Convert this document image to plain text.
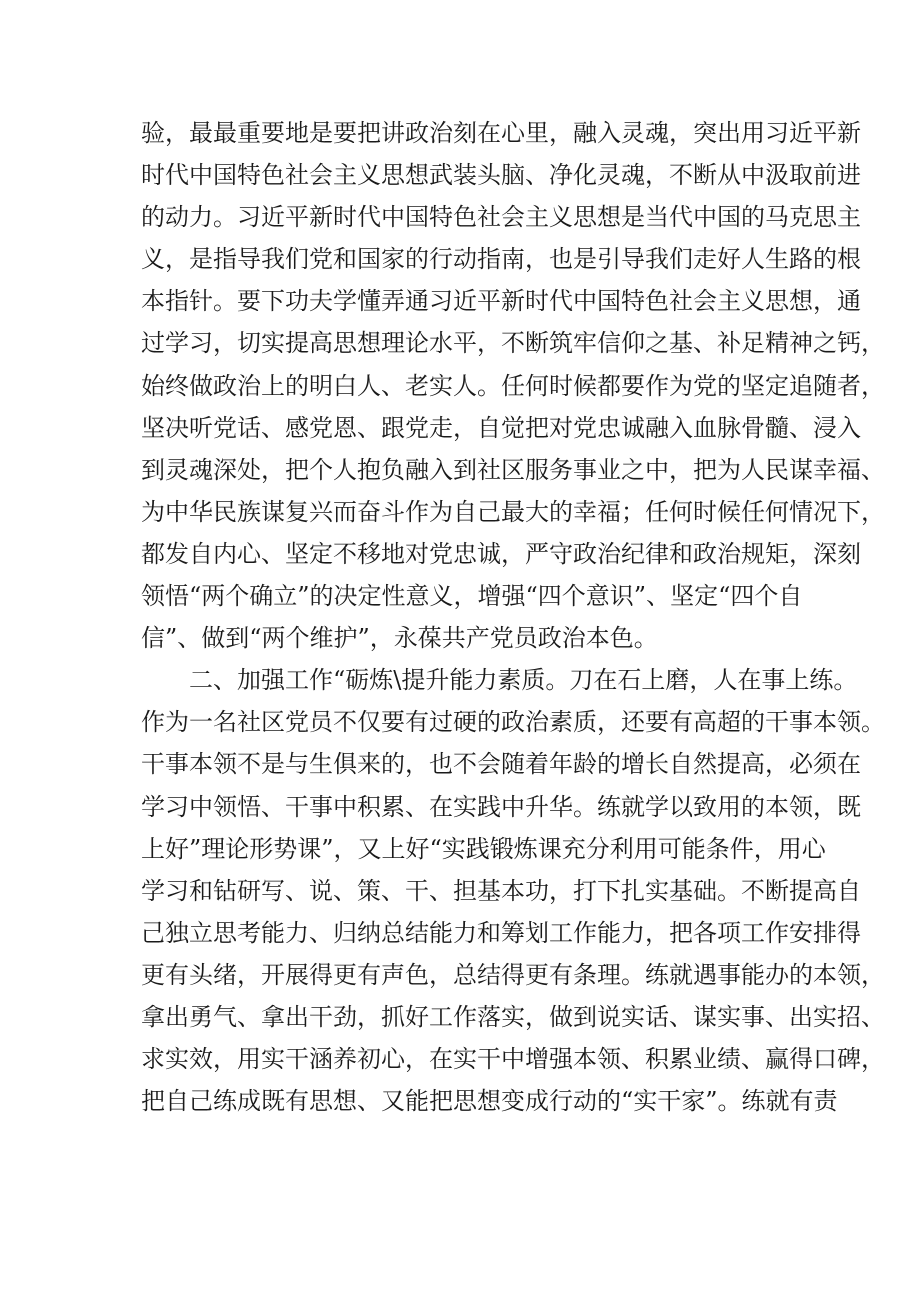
验，最最重要地是要把讲政治刻在心里，融入灵魂，突出用习近平新
时代中国特色社会主义思想武装头脑、净化灵魂，不断从中汲取前进
的动力。习近平新时代中国特色社会主义思想是当代中国的马克思主
义，是指导我们党和国家的行动指南，也是引导我们走好人生路的根
本指针。要下功夫学懂弄通习近平新时代中国特色社会主义思想，通
过学习，切实提高思想理论水平，不断筑牢信仰之基、补足精神之钙，
始终做政治上的明白人、老实人。任何时候都要作为党的坚定追随者，
坚决听党话、感党恩、跟党走，自觉把对党忠诚融入血脉骨髓、浸入
到灵魂深处，把个人抱负融入到社区服务事业之中，把为人民谋幸福、
为中华民族谋复兴而奋斗作为自己最大的幸福；任何时候任何情况下，
都发自内心、坚定不移地对党忠诚，严守政治纪律和政治规矩，深刻
领悟“两个确立”的决定性意义，增强“四个意识”、坚定“四个自
信”、做到“两个维护”，永葆共产党员政治本色。
二、加强工作“砺炼\提升能力素质。刀在石上磨，人在事上练。
作为一名社区党员不仅要有过硬的政治素质，还要有高超的干事本领。
干事本领不是与生俱来的，也不会随着年龄的增长自然提高，必须在
学习中领悟、干事中积累、在实践中升华。练就学以致用的本领，既
上好”理论形势课”，又上好“实践锻炼课充分利用可能条件，用心
学习和钻研写、说、策、干、担基本功，打下扎实基础。不断提高自
己独立思考能力、归纳总结能力和筹划工作能力，把各项工作安排得
更有头绪，开展得更有声色，总结得更有条理。练就遇事能办的本领，
拿出勇气、拿出干劲，抓好工作落实，做到说实话、谋实事、出实招、
求实效，用实干涵养初心，在实干中增强本领、积累业绩、赢得口碑，
把自己练成既有思想、又能把思想变成行动的“实干家”。练就有责
